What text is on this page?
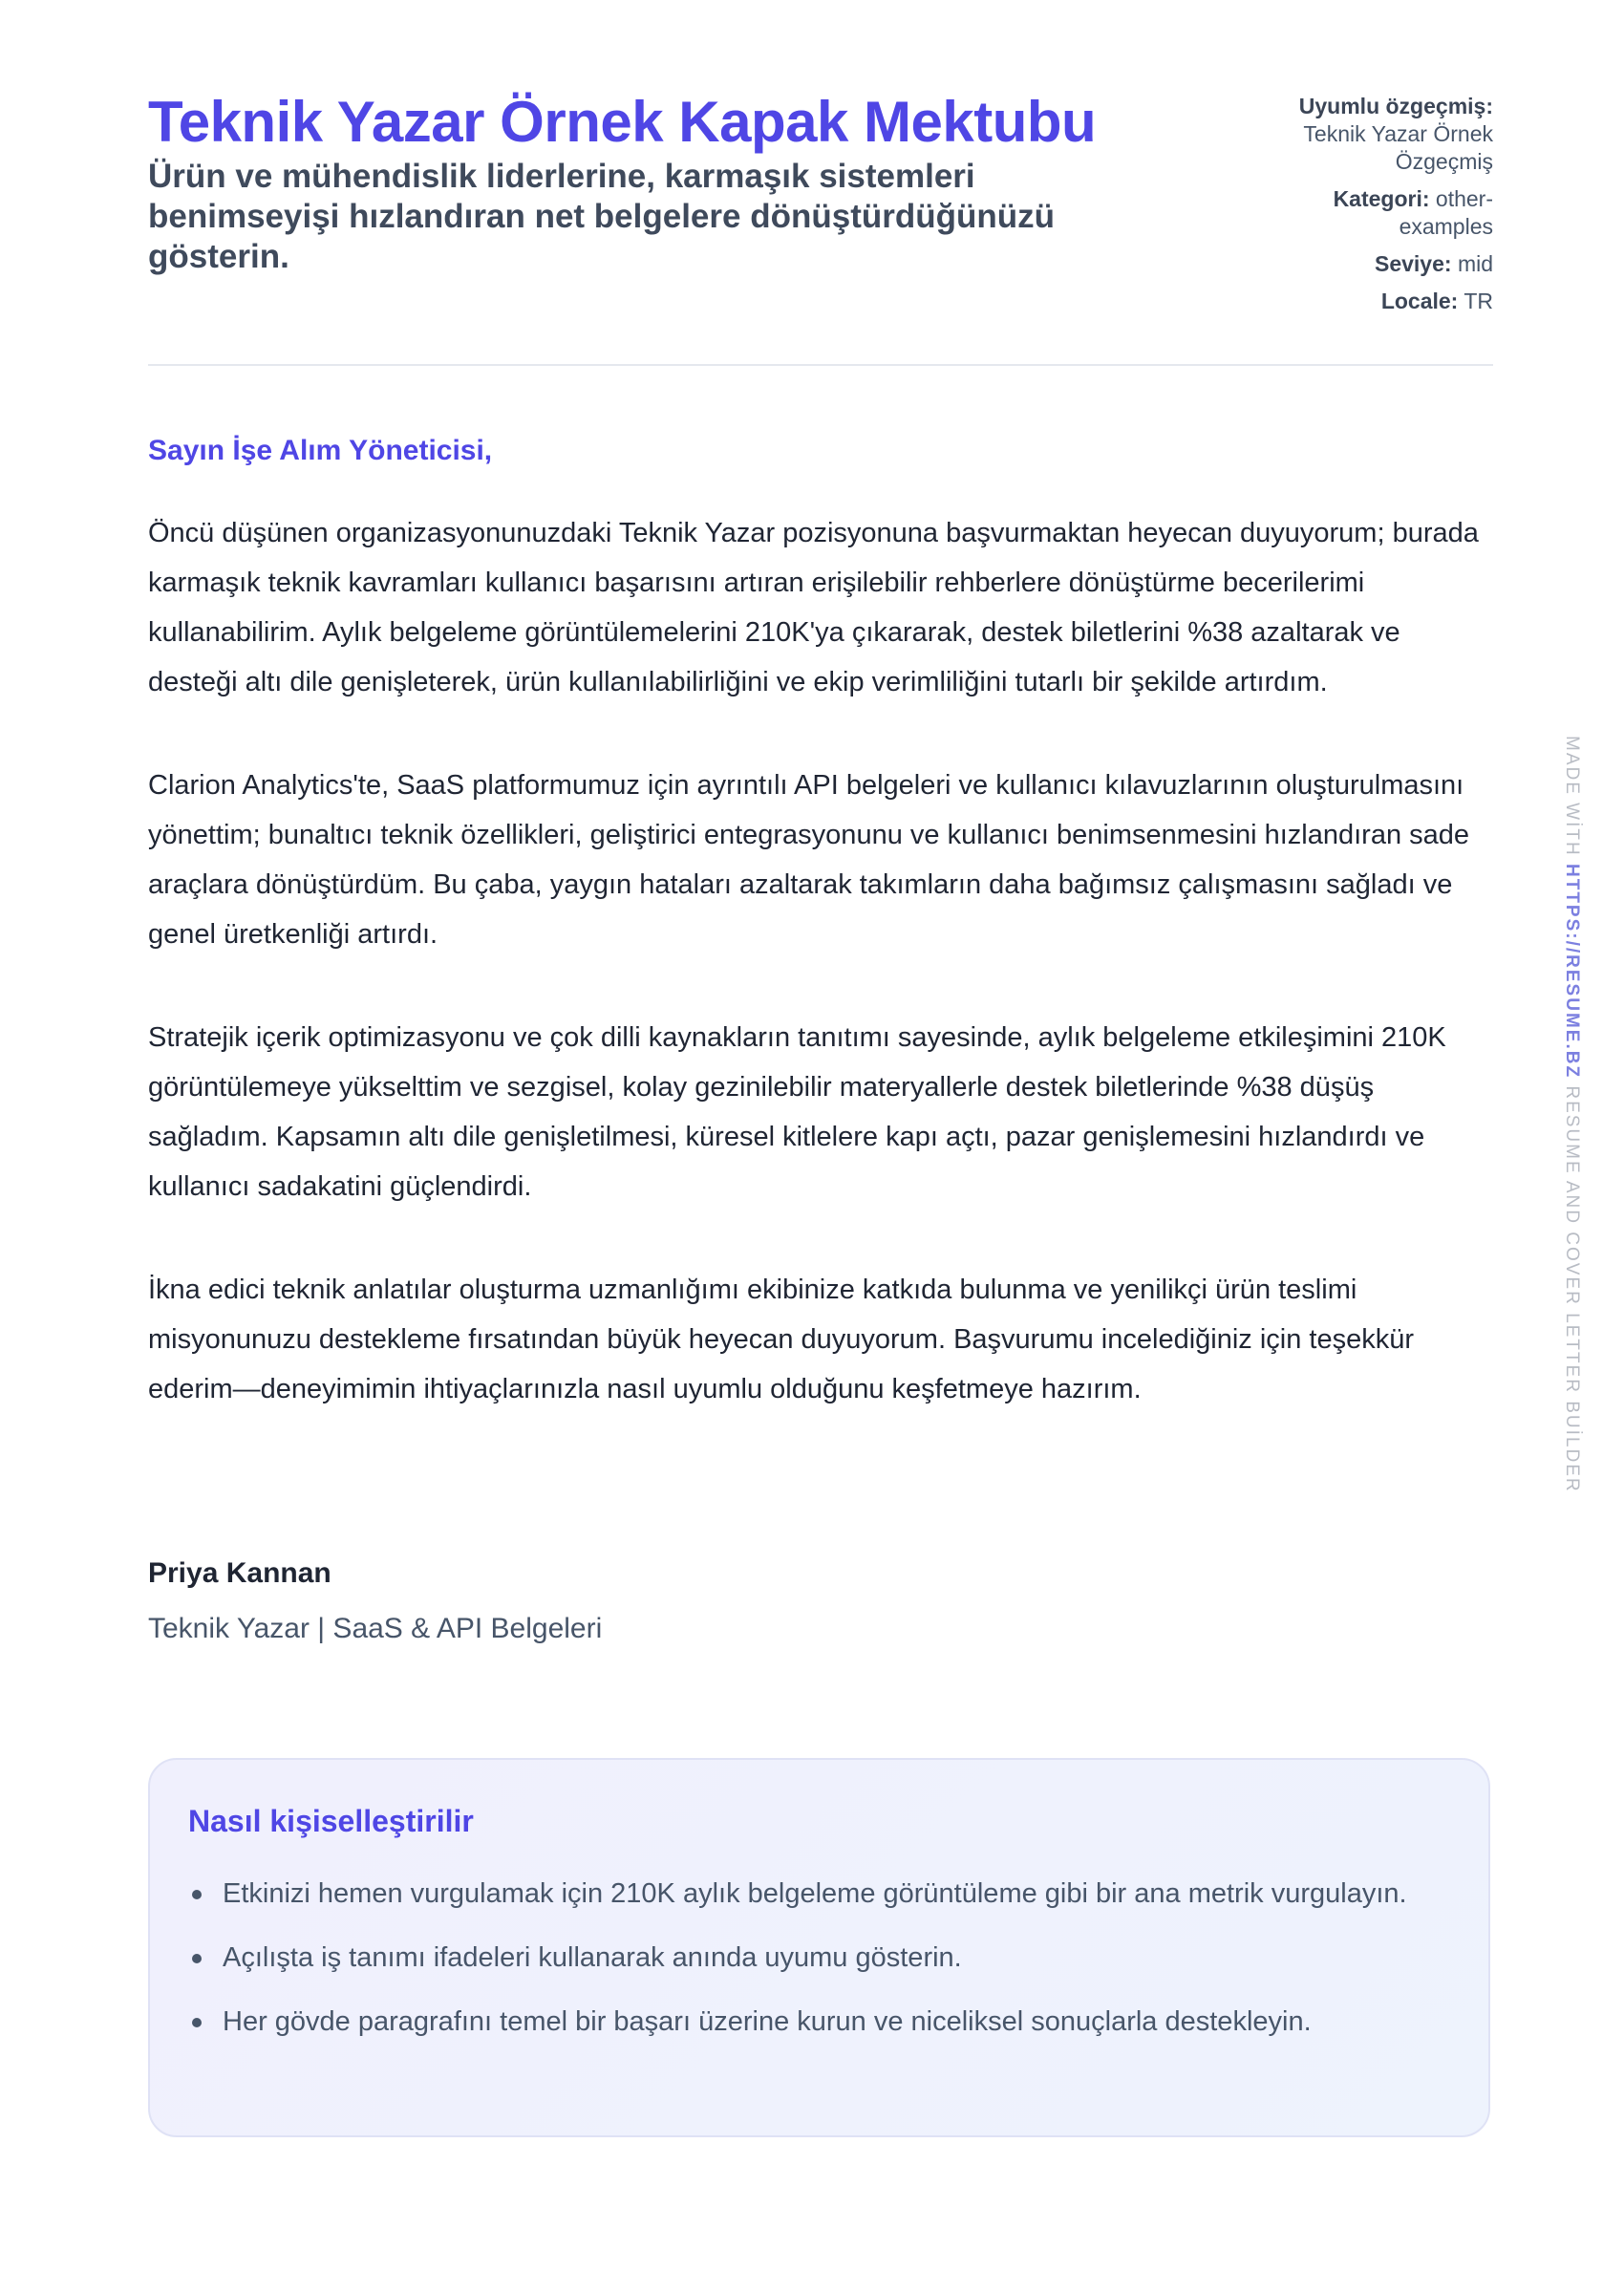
Teknik Yazar Örnek Kapak Mektubu

Ürün ve mühendislik liderlerine, karmaşık sistemleri benimseyişi hızlandıran net belgelere dönüştürdüğünüzü gösterin.

Uyumlu özgeçmiş:
Teknik Yazar Örnek Özgeçmiş
Kategori: other-examples
Seviye: mid
Locale: TR
Sayın İşe Alım Yöneticisi,

Öncü düşünen organizasyonunuzdaki Teknik Yazar pozisyonuna başvurmaktan heyecan duyuyorum; burada karmaşık teknik kavramları kullanıcı başarısını artıran erişilebilir rehberlere dönüştürme becerilerimi kullanabilirim. Aylık belgeleme görüntülemelerini 210K'ya çıkararak, destek biletlerini %38 azaltarak ve desteği altı dile genişleterek, ürün kullanılabilirliğini ve ekip verimliliğini tutarlı bir şekilde artırdım.

Clarion Analytics'te, SaaS platformumuz için ayrıntılı API belgeleri ve kullanıcı kılavuzlarının oluşturulmasını yönettim; bunaltıcı teknik özellikleri, geliştirici entegrasyonunu ve kullanıcı benimsenmesini hızlandıran sade araçlara dönüştürdüm. Bu çaba, yaygın hataları azaltarak takımların daha bağımsız çalışmasını sağladı ve genel üretkenliği artırdı.

Stratejik içerik optimizasyonu ve çok dilli kaynakların tanıtımı sayesinde, aylık belgeleme etkileşimini 210K görüntülemeye yükselttim ve sezgisel, kolay gezinilebilir materyallerle destek biletlerinde %38 düşüş sağladım. Kapsamın altı dile genişletilmesi, küresel kitlelere kapı açtı, pazar genişlemesini hızlandırdı ve kullanıcı sadakatini güçlendirdi.

İkna edici teknik anlatılar oluşturma uzmanlığımı ekibinize katkıda bulunma ve yenilikçi ürün teslimi misyonunuzu destekleme fırsatından büyük heyecan duyuyorum. Başvurumu incelediğiniz için teşekkür ederim—deneyimimin ihtiyaçlarınızla nasıl uyumlu olduğunu keşfetmeye hazırım.

Priya Kannan
Teknik Yazar | SaaS & API Belgeleri
Nasıl kişiselleştirilir
Etkinizi hemen vurgulamak için 210K aylık belgeleme görüntüleme gibi bir ana metrik vurgulayın.
Açılışta iş tanımı ifadeleri kullanarak anında uyumu gösterin.
Her gövde paragrafını temel bir başarı üzerine kurun ve niceliksel sonuçlarla destekleyin.
MADE WİTH HTTPS://RESUME.BZ RESUME AND COVER LETTER BUİLDER
